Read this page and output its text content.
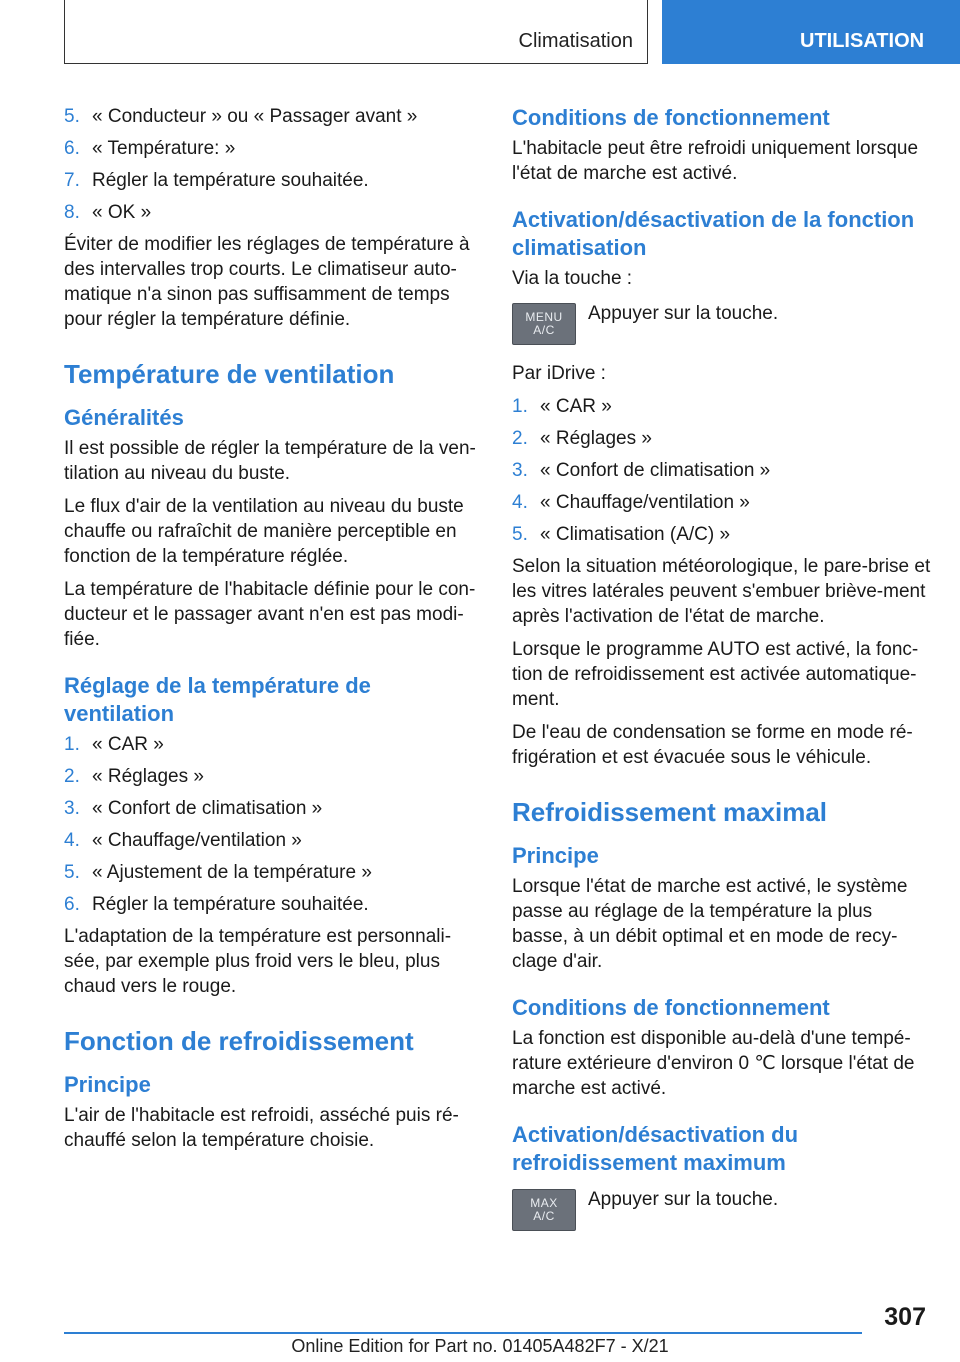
Climatisation	UTILISATION
5. « Conducteur » ou « Passager avant »
6. « Température: »
7. Régler la température souhaitée.
8. « OK »

Éviter de modifier les réglages de température à des intervalles trop courts. Le climatiseur auto-matique n'a sinon pas suffisamment de temps pour régler la température définie.

Température de ventilation
Généralités

Il est possible de régler la température de la ven-tilation au niveau du buste.

Le flux d'air de la ventilation au niveau du buste chauffe ou rafraîchit de manière perceptible en fonction de la température réglée.

La température de l'habitacle définie pour le con-ducteur et le passager avant n'en est pas modi-fiée.

Réglage de la température de ventilation
1. « CAR »
2. « Réglages »
3. « Confort de climatisation »
4. « Chauffage/ventilation »
5. « Ajustement de la température »
6. Régler la température souhaitée.

L'adaptation de la température est personnali-sée, par exemple plus froid vers le bleu, plus chaud vers le rouge.

Fonction de refroidissement
Principe

L'air de l'habitacle est refroidi, asséché puis ré-chauffé selon la température choisie.

Conditions de fonctionnement

L'habitacle peut être refroidi uniquement lorsque l'état de marche est activé.

Activation/désactivation de la fonction climatisation

Via la touche :

MENU
A/C
Appuyer sur la touche.

Par iDrive :

1. « CAR »
2. « Réglages »
3. « Confort de climatisation »
4. « Chauffage/ventilation »
5. « Climatisation (A/C) »

Selon la situation météorologique, le pare-brise et les vitres latérales peuvent s'embuer briève-ment après l'activation de l'état de marche.

Lorsque le programme AUTO est activé, la fonc-tion de refroidissement est activée automatique-ment.

De l'eau de condensation se forme en mode ré-frigération et est évacuée sous le véhicule.

Refroidissement maximal
Principe

Lorsque l'état de marche est activé, le système passe au réglage de la température la plus basse, à un débit optimal et en mode de recy-clage d'air.

Conditions de fonctionnement

La fonction est disponible au-delà d'une tempé-rature extérieure d'environ 0 ℃ lorsque l'état de marche est activé.

Activation/désactivation du refroidissement maximum
MAX
A/C
Appuyer sur la touche.
307
Online Edition for Part no. 01405A482F7 - X/21
